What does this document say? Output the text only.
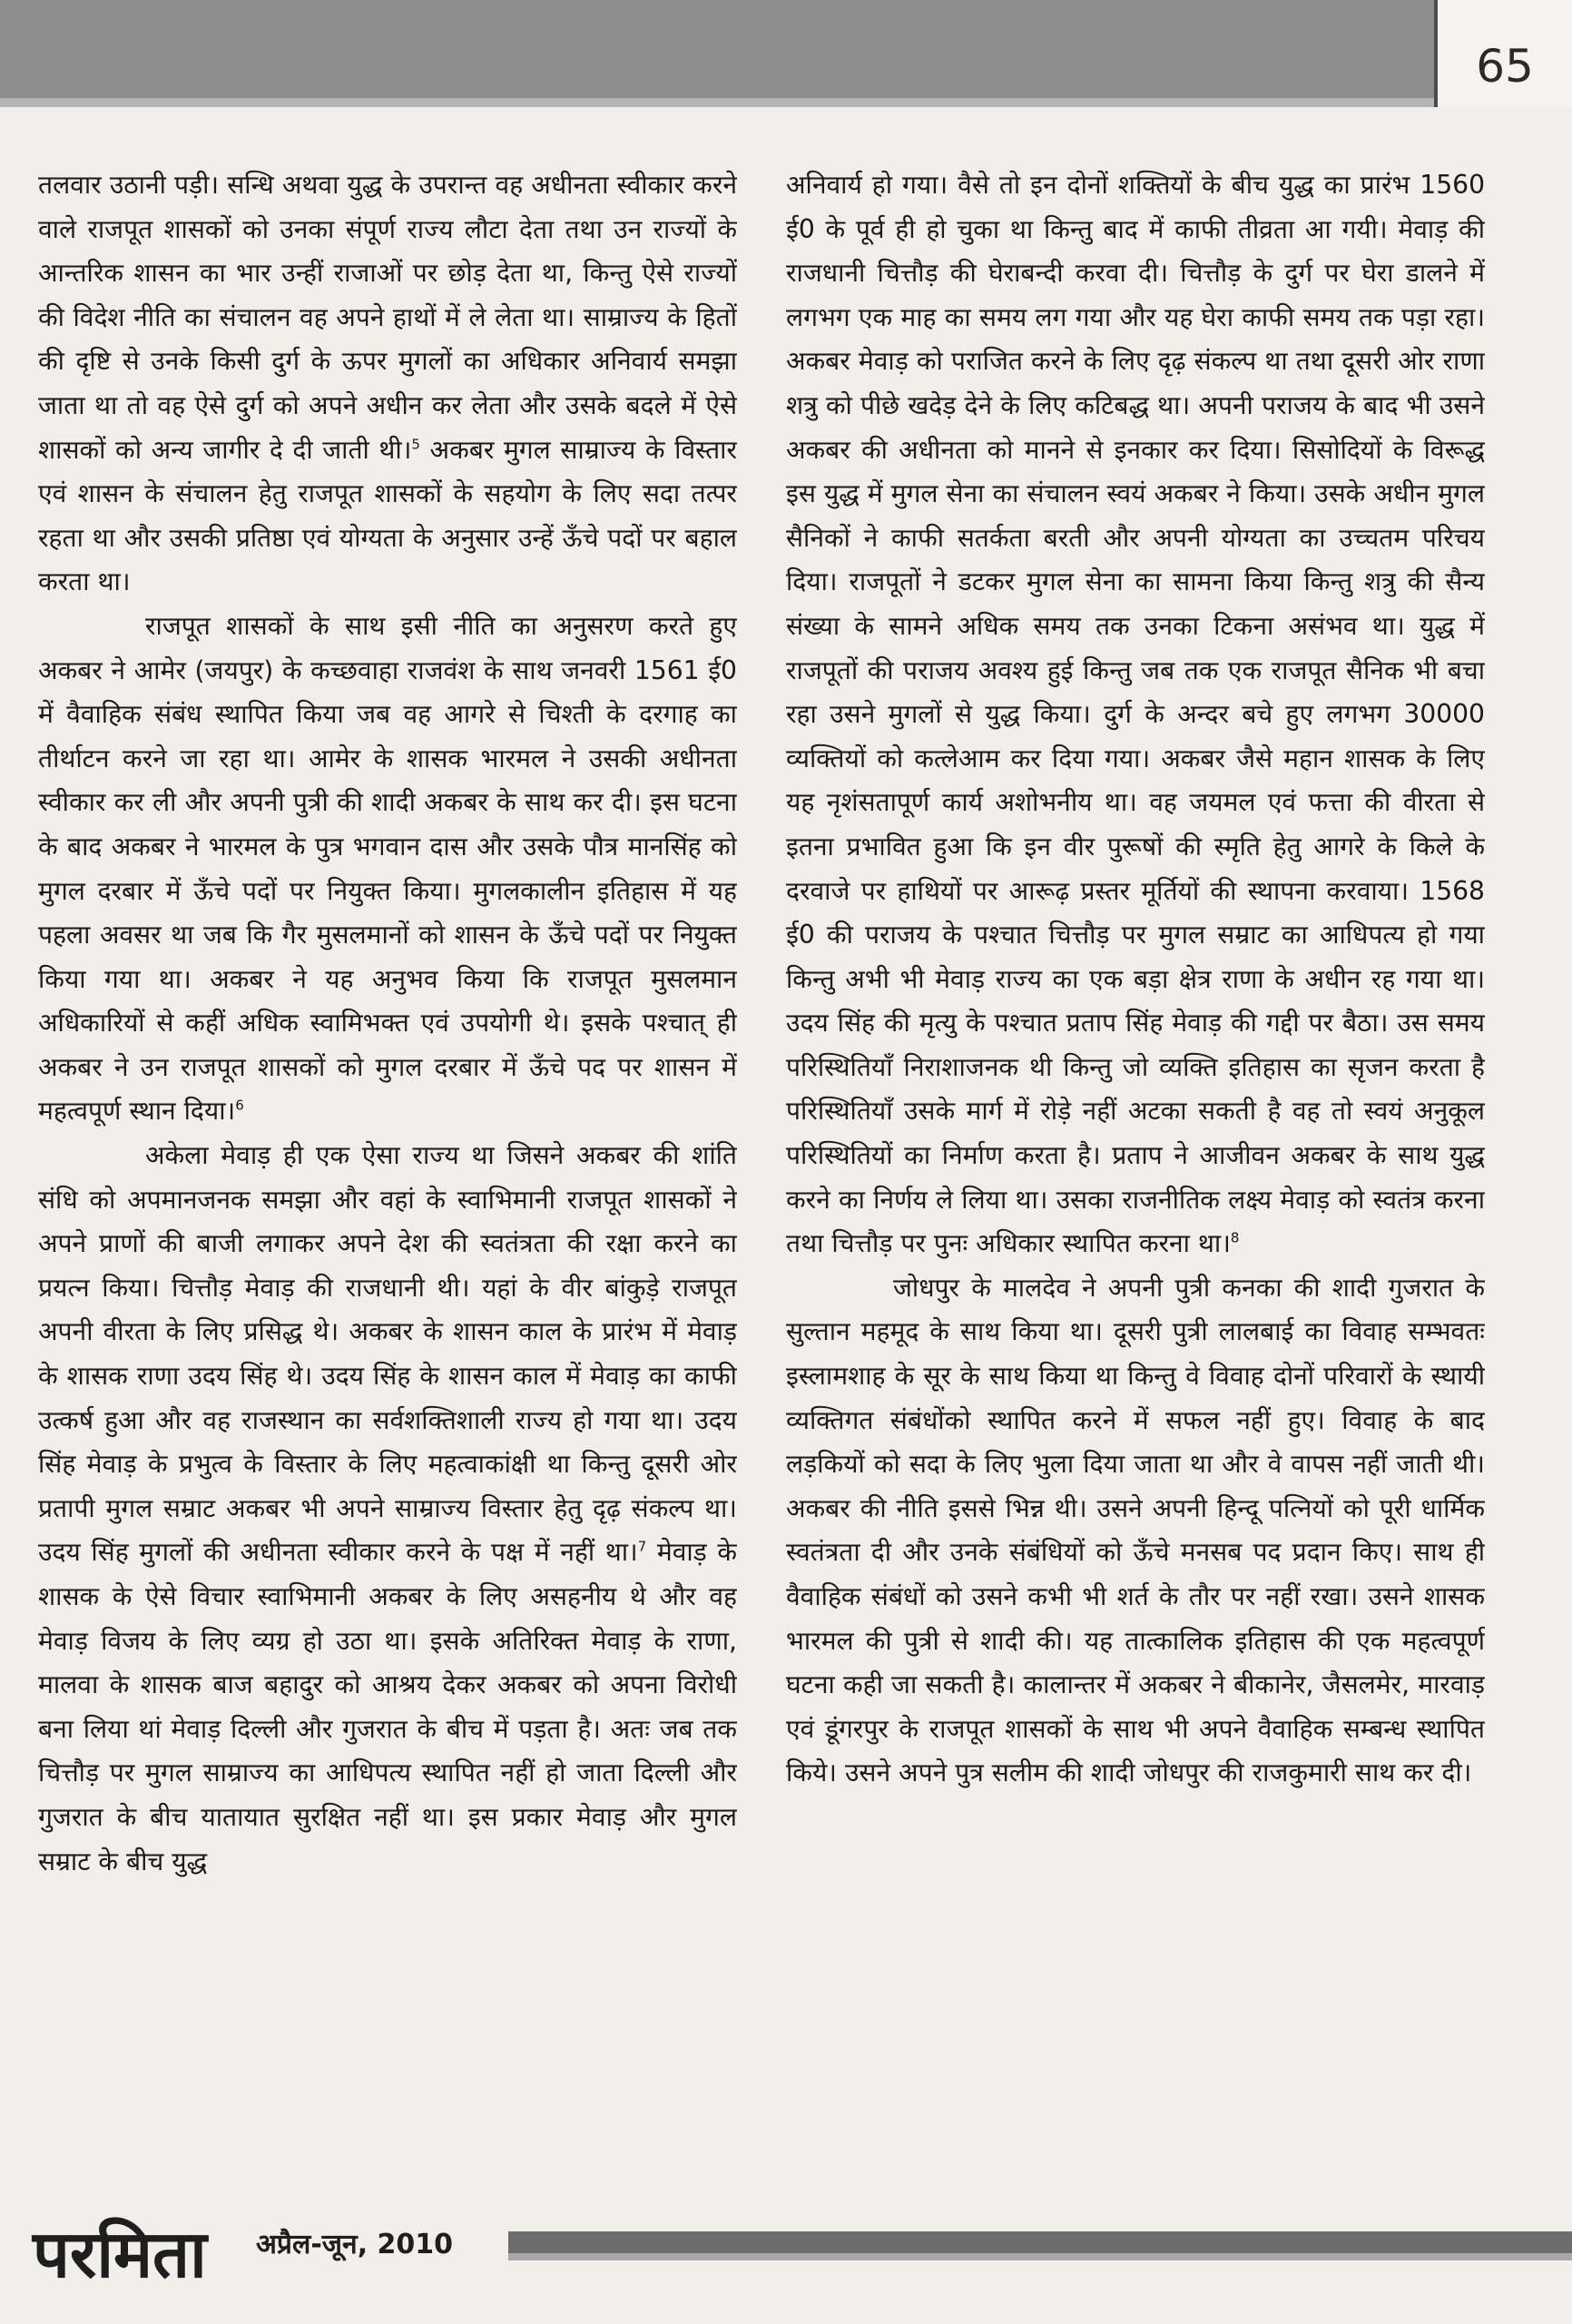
65

तलवार उठानी पड़ी। सन्धि अथवा युद्ध के उपरान्त वह अधीनता स्वीकार करने वाले राजपूत शासकों को उनका संपूर्ण राज्य लौटा देता तथा उन राज्यों के आन्तरिक शासन का भार उन्हीं राजाओं पर छोड़ देता था, किन्तु ऐसे राज्यों की विदेश नीति का संचालन वह अपने हाथों में ले लेता था। साम्राज्य के हितों की दृष्टि से उनके किसी दुर्ग के ऊपर मुगलों का अधिकार अनिवार्य समझा जाता था तो वह ऐसे दुर्ग को अपने अधीन कर लेता और उसके बदले में ऐसे शासकों को अन्य जागीर दे दी जाती थी।$^5$ अकबर मुगल साम्राज्य के विस्तार एवं शासन के संचालन हेतु राजपूत शासकों के सहयोग के लिए सदा तत्पर रहता था और उसकी प्रतिष्ठा एवं योग्यता के अनुसार उन्हें ऊँचे पदों पर बहाल करता था।

राजपूत शासकों के साथ इसी नीति का अनुसरण करते हुए अकबर ने आमेर (जयपुर) के कच्छवाहा राजवंश के साथ जनवरी 1561 ई0 में वैवाहिक संबंध स्थापित किया जब वह आगरे से चिश्ती के दरगाह का तीर्थाटन करने जा रहा था। आमेर के शासक भारमल ने उसकी अधीनता स्वीकार कर ली और अपनी पुत्री की शादी अकबर के साथ कर दी। इस घटना के बाद अकबर ने भारमल के पुत्र भगवान दास और उसके पौत्र मानसिंह को मुगल दरबार में ऊँचे पदों पर नियुक्त किया। मुगलकालीन इतिहास में यह पहला अवसर था जब कि गैर मुसलमानों को शासन के ऊँचे पदों पर नियुक्त किया गया था। अकबर ने यह अनुभव किया कि राजपूत मुसलमान अधिकारियों से कहीं अधिक स्वामिभक्त एवं उपयोगी थे। इसके पश्चात् ही अकबर ने उन राजपूत शासकों को मुगल दरबार में ऊँचे पद पर शासन में महत्वपूर्ण स्थान दिया।$^6$

अकेला मेवाड़ ही एक ऐसा राज्य था जिसने अकबर की शांति संधि को अपमानजनक समझा और वहां के स्वाभिमानी राजपूत शासकों ने अपने प्राणों की बाजी लगाकर अपने देश की स्वतंत्रता की रक्षा करने का प्रयत्न किया। चित्तौड़ मेवाड़ की राजधानी थी। यहां के वीर बांकुड़े राजपूत अपनी वीरता के लिए प्रसिद्ध थे। अकबर के शासन काल के प्रारंभ में मेवाड़ के शासक राणा उदय सिंह थे। उदय सिंह के शासन काल में मेवाड़ का काफी उत्कर्ष हुआ और वह राजस्थान का सर्वशक्तिशाली राज्य हो गया था। उदय सिंह मेवाड़ के प्रभुत्व के विस्तार के लिए महत्वाकांक्षी था किन्तु दूसरी ओर प्रतापी मुगल सम्राट अकबर भी अपने साम्राज्य विस्तार हेतु दृढ़ संकल्प था। उदय सिंह मुगलों की अधीनता स्वीकार करने के पक्ष में नहीं था।$^7$ मेवाड़ के शासक के ऐसे विचार स्वाभिमानी अकबर के लिए असहनीय थे और वह मेवाड़ विजय के लिए व्यग्र हो उठा था। इसके अतिरिक्त मेवाड़ के राणा, मालवा के शासक बाज बहादुर को आश्रय देकर अकबर को अपना विरोधी बना लिया थां मेवाड़ दिल्ली और गुजरात के बीच में पड़ता है। अतः जब तक चित्तौड़ पर मुगल साम्राज्य का आधिपत्य स्थापित नहीं हो जाता दिल्ली और गुजरात के बीच यातायात सुरक्षित नहीं था। इस प्रकार मेवाड़ और मुगल सम्राट के बीच युद्ध

अनिवार्य हो गया। वैसे तो इन दोनों शक्तियों के बीच युद्ध का प्रारंभ 1560 ई0 के पूर्व ही हो चुका था किन्तु बाद में काफी तीव्रता आ गयी। मेवाड़ की राजधानी चित्तौड़ की घेराबन्दी करवा दी। चित्तौड़ के दुर्ग पर घेरा डालने में लगभग एक माह का समय लग गया और यह घेरा काफी समय तक पड़ा रहा। अकबर मेवाड़ को पराजित करने के लिए दृढ़ संकल्प था तथा दूसरी ओर राणा शत्रु को पीछे खदेड़ देने के लिए कटिबद्ध था। अपनी पराजय के बाद भी उसने अकबर की अधीनता को मानने से इनकार कर दिया। सिसोदियों के विरूद्ध इस युद्ध में मुगल सेना का संचालन स्वयं अकबर ने किया। उसके अधीन मुगल सैनिकों ने काफी सतर्कता बरती और अपनी योग्यता का उच्चतम परिचय दिया। राजपूतों ने डटकर मुगल सेना का सामना किया किन्तु शत्रु की सैन्य संख्या के सामने अधिक समय तक उनका टिकना असंभव था। युद्ध में राजपूतों की पराजय अवश्य हुई किन्तु जब तक एक राजपूत सैनिक भी बचा रहा उसने मुगलों से युद्ध किया। दुर्ग के अन्दर बचे हुए लगभग 30000 व्यक्तियों को कत्लेआम कर दिया गया। अकबर जैसे महान शासक के लिए यह नृशंसतापूर्ण कार्य अशोभनीय था। वह जयमल एवं फत्ता की वीरता से इतना प्रभावित हुआ कि इन वीर पुरूषों की स्मृति हेतु आगरे के किले के दरवाजे पर हाथियों पर आरूढ़ प्रस्तर मूर्तियों की स्थापना करवाया। 1568 ई0 की पराजय के पश्चात चित्तौड़ पर मुगल सम्राट का आधिपत्य हो गया किन्तु अभी भी मेवाड़ राज्य का एक बड़ा क्षेत्र राणा के अधीन रह गया था। उदय सिंह की मृत्यु के पश्चात प्रताप सिंह मेवाड़ की गद्दी पर बैठा। उस समय परिस्थितियाँ निराशाजनक थी किन्तु जो व्यक्ति इतिहास का सृजन करता है परिस्थितियाँ उसके मार्ग में रोड़े नहीं अटका सकती है वह तो स्वयं अनुकूल परिस्थितियों का निर्माण करता है। प्रताप ने आजीवन अकबर के साथ युद्ध करने का निर्णय ले लिया था। उसका राजनीतिक लक्ष्य मेवाड़ को स्वतंत्र करना तथा चित्तौड़ पर पुनः अधिकार स्थापित करना था।$^8$

जोधपुर के मालदेव ने अपनी पुत्री कनका की शादी गुजरात के सुल्तान महमूद के साथ किया था। दूसरी पुत्री लालबाई का विवाह सम्भवतः इस्लामशाह के सूर के साथ किया था किन्तु वे विवाह दोनों परिवारों के स्थायी व्यक्तिगत संबंधोंको स्थापित करने में सफल नहीं हुए। विवाह के बाद लड़कियों को सदा के लिए भुला दिया जाता था और वे वापस नहीं जाती थी। अकबर की नीति इससे भिन्न थी। उसने अपनी हिन्दू पत्नियों को पूरी धार्मिक स्वतंत्रता दी और उनके संबंधियों को ऊँचे मनसब पद प्रदान किए। साथ ही वैवाहिक संबंधों को उसने कभी भी शर्त के तौर पर नहीं रखा। उसने शासक भारमल की पुत्री से शादी की। यह तात्कालिक इतिहास की एक महत्वपूर्ण घटना कही जा सकती है। कालान्तर में अकबर ने बीकानेर, जैसलमेर, मारवाड़ एवं डूंगरपुर के राजपूत शासकों के साथ भी अपने वैवाहिक सम्बन्ध स्थापित किये। उसने अपने पुत्र सलीम की शादी जोधपुर की राजकुमारी साथ कर दी।

परमिता अप्रैल-जून, 2010
